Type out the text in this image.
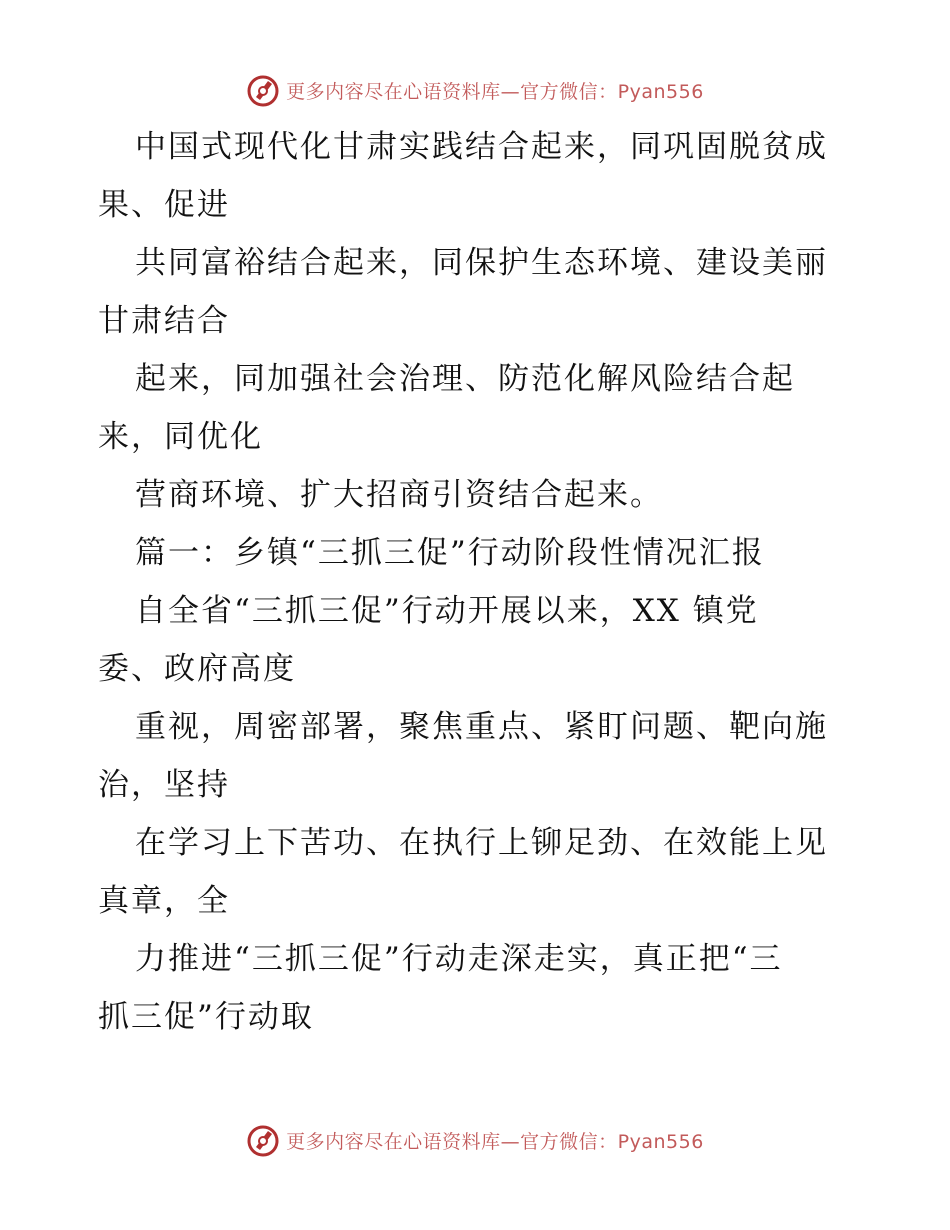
更多内容尽在心语资料库—官方微信：Pyan556
中国式现代化甘肃实践结合起来，同巩固脱贫成
果、促进
共同富裕结合起来，同保护生态环境、建设美丽
甘肃结合
起来，同加强社会治理、防范化解风险结合起
来，同优化
营商环境、扩大招商引资结合起来。
篇一：乡镇“三抓三促”行动阶段性情况汇报
自全省“三抓三促”行动开展以来，XX 镇党
委、政府高度
重视，周密部署，聚焦重点、紧盯问题、靶向施
治，坚持
在学习上下苦功、在执行上铆足劲、在效能上见
真章，全
力推进“三抓三促”行动走深走实，真正把“三
抓三促”行动取
更多内容尽在心语资料库—官方微信：Pyan556
